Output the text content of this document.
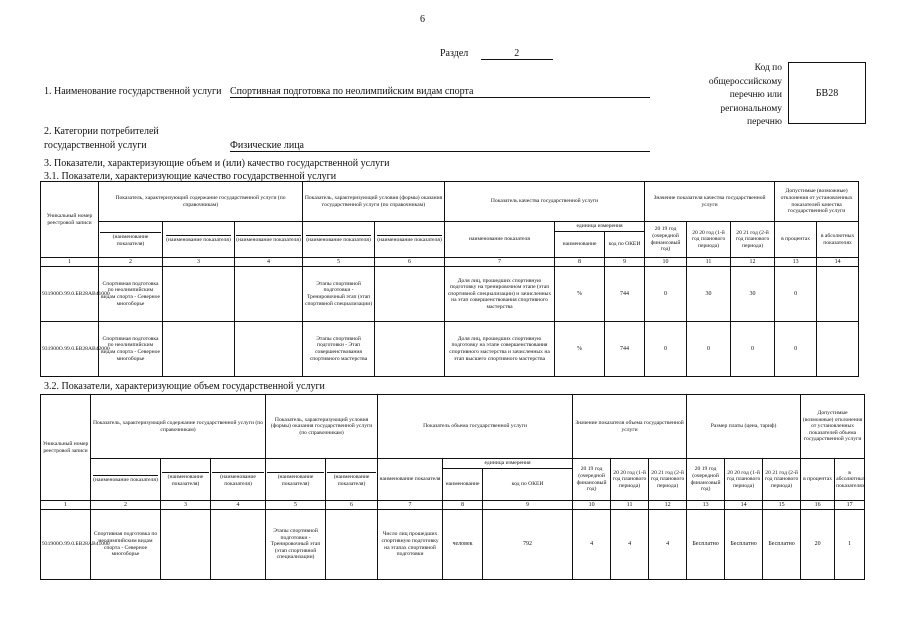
6
Раздел	2
Код по
общероссийскому
перечню или
региональному
перечню
БВ28
1. Наименование государственной услуги Спортивная подготовка по неолимпийским видам спорта
2. Категории потребителей
государственной услуги	Физические лица
3. Показатели, характеризующие объем и (или) качество государственной услуги
3.1. Показатели, характеризующие качество государственной услуги
Уникальный номер реестровой записи	Показатель, характеризующий содержание государственной услуги (по справочникам)			Показатель, характеризующий условия (формы) оказания государственной услуги (по справочникам)		Показатель качества государственной услуги			Значение показателя качества государственной услуги			Допустимые (возможные) отклонения от установленных показателей качества государственной услуги	
	(наименование показателя)	(наименование показателя)	(наименование показателя)	(наименование показателя)	(наименование показателя)	наименование показателя	единица измерения		20 19 год (очередной финансовый год)	20 20 год (1-й год планового периода)	20 21 год (2-й год планового периода)	в процентах	в абсолютных показателях
							наименование	код по ОКЕИ					
1	2	3	4	5	6	7	8	9	10	11	12	13	14
931900О.99.0.БВ28АВ41000	Спортивная подготовка по неолимпийским видам спорта - Северное многоборье			Этапы спортивной подготовки - Тренировочный этап (этап спортивной специализации)		Доля лиц, прошедших спортивную подготовку на тренировочном этапе (этап спортивной специализации) и зачисленных на этап совершенствования спортивного мастерства	%	744	0	30	30	0	
931900О.99.0.БВ28АВ42000	Спортивная подготовка по неолимпийским видам спорта - Северное многоборье			Этапы спортивной подготовки - Этап совершенствования спортивного мастерства		Доля лиц, прошедших спортивную подготовку на этапе совершенствования спортивного мастерства и зачисленных на этап высшего спортивного мастерства	%	744	0	0	0	0	
3.2. Показатели, характеризующие объем государственной услуги
Уникальный номер реестровой записи	Показатель, характеризующий содержание государственной услуги (по справочникам)			Показатель, характеризующий условия (формы) оказания государственной услуги (по справочникам)		Показатель объема государственной услуги			Значение показателя объема государственной услуги			Размер платы (цена, тариф)			Допустимые (возможные) отклонения от установленных показателей объема государственной услуги	
	(наименование показателя)	(наименование показателя)	(наименование показателя)	(наименование показателя)	(наименование показателя)	наименование показателя	единица измерения		20 19 год (очередной финансовый год)	20 20 год (1-й год планового периода)	20 21 год (2-й год планового периода)	20 19 год (очередной финансовый год)	20 20 год (1-й год планового периода)	20 21 год (2-й год планового периода)	в процентах	в абсолютных показателях
							наименование	код по ОКЕИ								
1	2	3	4	5	6	7	8	9	10	11	12	13	14	15	16	17
931900О.99.0.БВ28АВ41000	Спортивная подготовка по неолимпийским видам спорта - Северное многоборье			Этапы спортивной подготовки - Тренировочный этап (этап спортивной специализации)		Число лиц прошедших спортивную подготовку на этапах спортивной подготовки	человек	792	4	4	4	Бесплатно	Бесплатно	Бесплатно	20	1
